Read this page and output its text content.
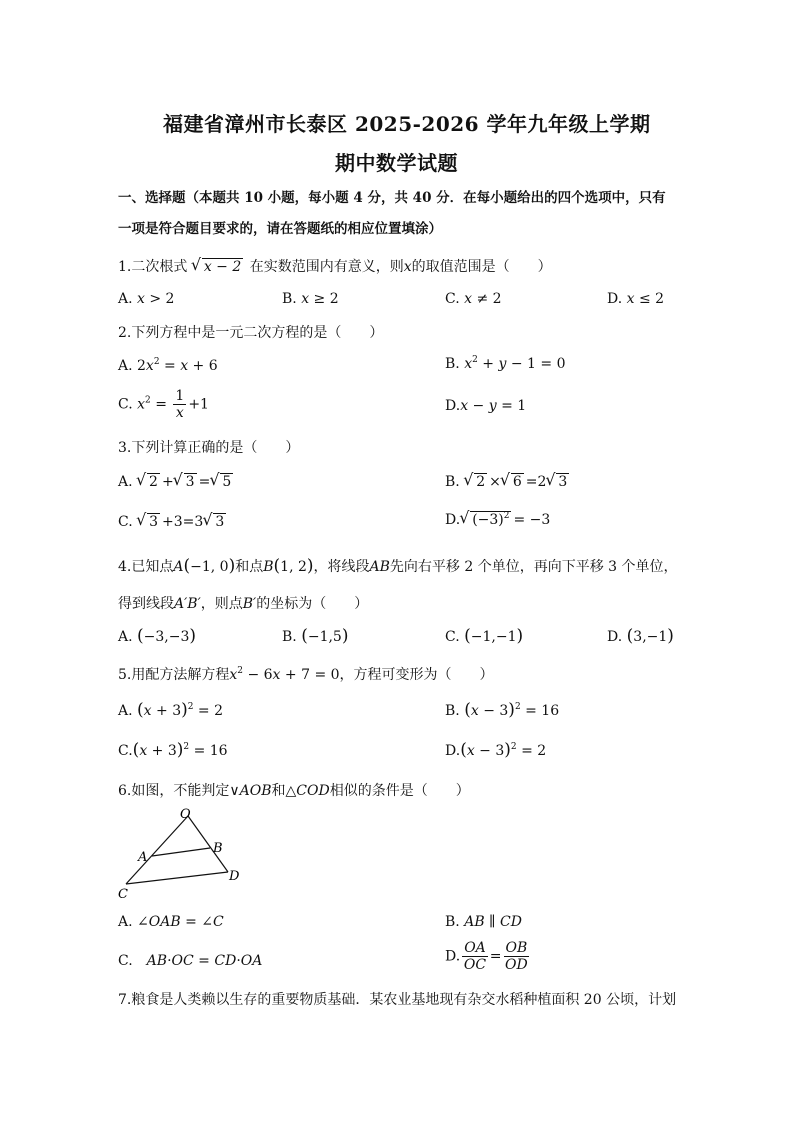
福建省漳州市长泰区 2025-2026 学年九年级上学期
期中数学试题
一、选择题（本题共 10 小题，每小题 4 分，共 40 分．在每小题给出的四个选项中，只有
一项是符合题目要求的，请在答题纸的相应位置填涂）
1.二次根式 √ x − 2 在实数范围内有意义，则x的取值范围是（　　）
A. x > 2	B. x ≥ 2	C. x ≠ 2	D. x ≤ 2
2.下列方程中是一元二次方程的是（　　）
A. $2x^2 = x + 6$	B. $x^2 + y - 1 = 0$
C. $x^2 = \frac{1}{x} +1$	D.x − y = 1
3.下列计算正确的是（　　）
A. √ 2 + √ 3 = √ 5	B. √ 2 × √ 6 =2 √ 3
C. √ 3 +3=3 √ 3	D. √ $(-3)^2 = -3$
4.已知点A(−1, 0)和点B(1, 2)，将线段AB先向右平移 2 个单位，再向下平移 3 个单位，
得到线段A′B′，则点B′的坐标为（　　）
A. (−3,−3)	B. (−1,5)	C. (−1,−1)	D. (3,−1)
5.用配方法解方程$x^2 - 6x + 7 = 0$，方程可变形为（　　）
A. $(x + 3)^2 = 2$	B. $(x - 3)^2 = 16$
$C.(x + 3)^2 = 16$	$D.(x - 3)^2 = 2$
6.如图，不能判定∨AOB和△COD相似的条件是（　　）
O
A
B
C
D
A. ∠OAB = ∠C	B. AB ∥ CD
C.　 AB·OC = CD·OA	D. $\frac{OA}{OC} = \frac{OB}{OD}$
7.粮食是人类赖以生存的重要物质基础．某农业基地现有杂交水稻种植面积 20 公顷，计划
